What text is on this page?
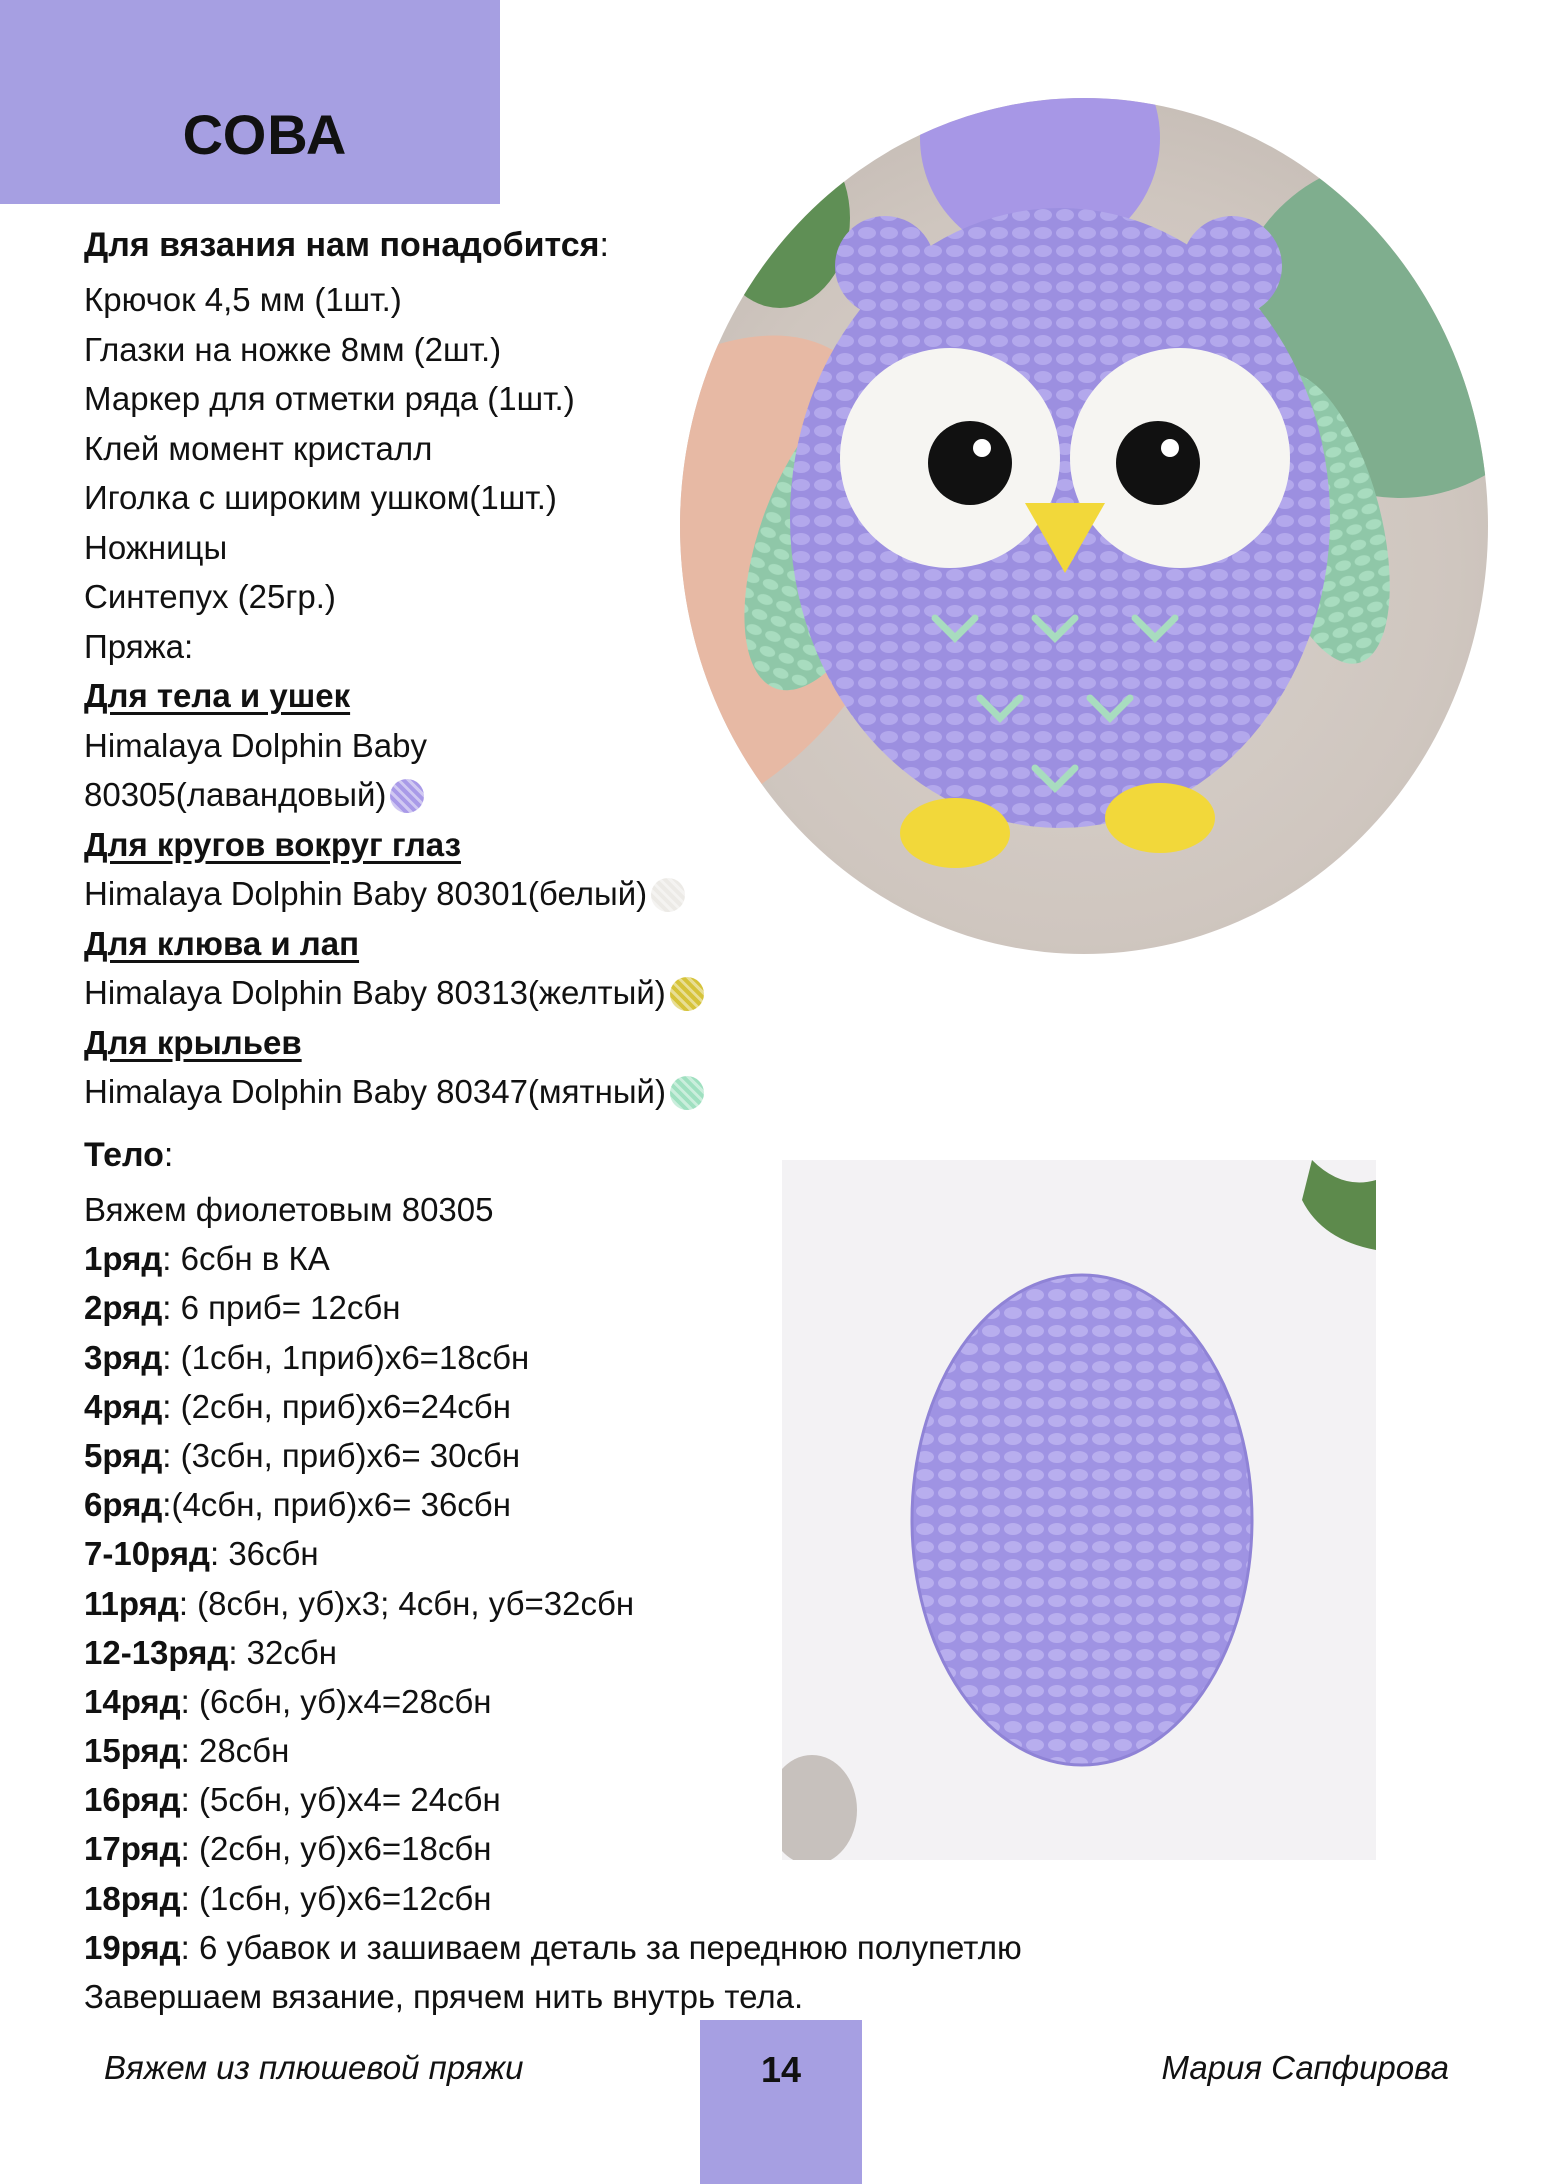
СОВА
Для вязания нам понадобится:
Крючок 4,5 мм (1шт.)
Глазки на ножке 8мм (2шт.)
Маркер для отметки ряда (1шт.)
Клей момент кристалл
Иголка с широким ушком(1шт.)
Ножницы
Синтепух (25гр.)
Пряжа:
Для тела и ушек
Himalaya Dolphin Baby
80305(лавандовый)
Для кругов вокруг глаз
Himalaya Dolphin Baby 80301(белый)
Для клюва и лап
Himalaya Dolphin Baby 80313(желтый)
Для крыльев
Himalaya Dolphin Baby 80347(мятный)
Тело:
Вяжем фиолетовым 80305
1ряд: 6сбн в КА
2ряд: 6 приб= 12сбн
3ряд: (1сбн, 1приб)х6=18сбн
4ряд: (2сбн, приб)х6=24сбн
5ряд: (3сбн, приб)х6= 30сбн
6ряд:(4сбн, приб)х6= 36сбн
7-10ряд: 36сбн
11ряд: (8сбн, уб)х3; 4сбн, уб=32сбн
12-13ряд: 32сбн
14ряд: (6сбн, уб)х4=28сбн
15ряд: 28сбн
16ряд: (5сбн, уб)х4= 24сбн
17ряд: (2сбн, уб)х6=18сбн
18ряд: (1сбн, уб)х6=12сбн
19ряд: 6 убавок и зашиваем деталь за переднюю полупетлю
Завершаем вязание, прячем нить внутрь тела.
Вяжем из плюшевой пряжи	14	Мария Сапфирова
